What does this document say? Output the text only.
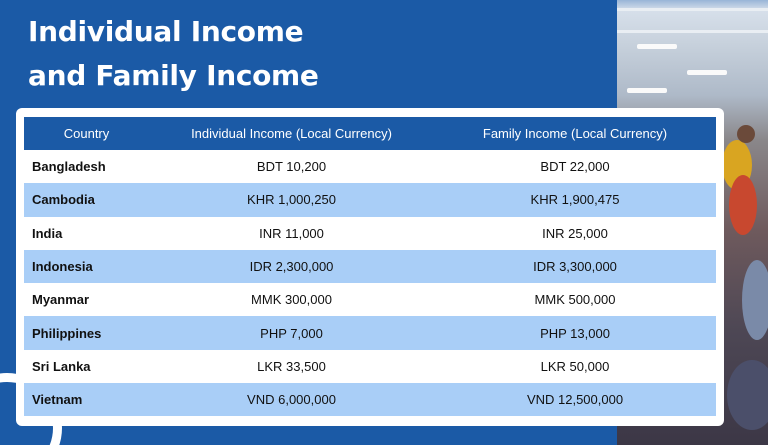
Individual Income
and Family Income
Country	Individual Income (Local Currency)	Family Income (Local Currency)
Bangladesh	BDT 10,200	BDT 22,000
Cambodia	KHR 1,000,250	KHR 1,900,475
India	INR 11,000	INR 25,000
Indonesia	IDR 2,300,000	IDR 3,300,000
Myanmar	MMK 300,000	MMK 500,000
Philippines	PHP 7,000	PHP 13,000
Sri Lanka	LKR 33,500	LKR 50,000
Vietnam	VND 6,000,000	VND 12,500,000
